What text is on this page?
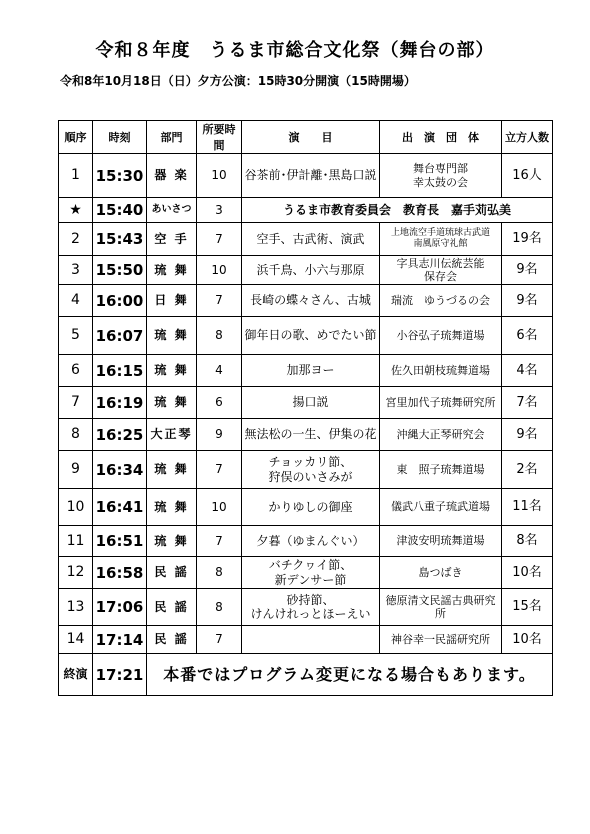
令和８年度　うるま市総合文化祭（舞台の部）
令和8年10月18日（日）夕方公演：15時30分開演（15時開場）
順序	時刻	部門	所要時間	演　　目	出　演　団　体	立方人数
1	15:30	器 楽	10	谷茶前･伊計離･黒島口説	舞台専門部
幸太鼓の会	16人
★	15:40	あいさつ	3	うるま市教育委員会　教育長　嘉手苅弘美		
2	15:43	空 手	7	空手、古武術、演武	上地流空手道琉球古武道　　南風原守礼館	19名
3	15:50	琉 舞	10	浜千鳥、小六与那原	字具志川伝統芸能
保存会	9名
4	16:00	日 舞	7	長崎の蝶々さん、古城	瑞流　ゆうづるの会	9名
5	16:07	琉 舞	8	御年日の歌、めでたい節	小谷弘子琉舞道場	6名
6	16:15	琉 舞	4	加那ヨー	佐久田朝枝琉舞道場	4名
7	16:19	琉 舞	6	揚口説	宮里加代子琉舞研究所	7名
8	16:25	大正琴	9	無法松の一生、伊集の花	沖縄大正琴研究会	9名
9	16:34	琉 舞	7	チョッカリ節、
狩俣のいさみが	東　照子琉舞道場	2名
10	16:41	琉 舞	10	かりゆしの御座	儀武八重子琉武道場	11名
11	16:51	琉 舞	7	夕暮（ゆまんぐい）	津波安明琉舞道場	8名
12	16:58	民 謡	8	バチクヮイ節、
新デンサー節	島つばき	10名
13	17:06	民 謡	8	砂持節、
けんけれっとほーえい	徳原清文民謡古典研究所	15名
14	17:14	民 謡	7		神谷幸一民謡研究所	10名
終演	17:21	本番ではプログラム変更になる場合もあります。				
